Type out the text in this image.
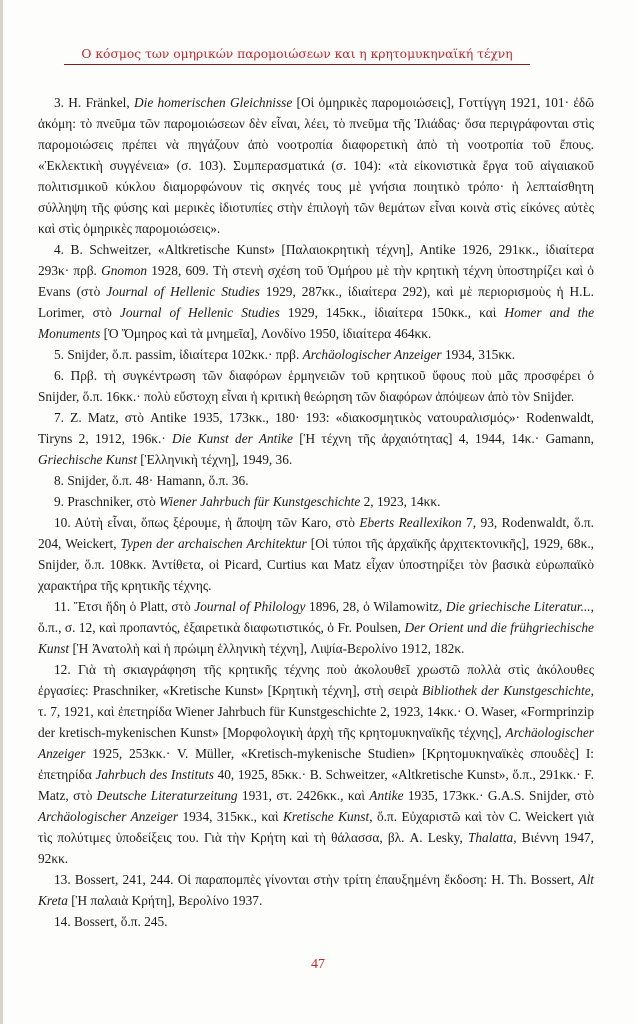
Ο κόσμος των ομηρικών παρομοιώσεων και η κρητομυκηναϊκή τέχνη

3. H. Fränkel, Die homerischen Gleichnisse [Οἱ ὁμηρικὲς παρομοιώσεις], Γοττίγγη 1921, 101· ἐδῶ ἀκόμη: τὸ πνεῦμα τῶν παρομοιώσεων δὲν εἶναι, λέει, τὸ πνεῦμα τῆς Ἰλιάδας· ὅσα περιγράφονται στὶς παρομοιώσεις πρέπει νὰ πηγάζουν ἀπὸ νοοτροπία διαφορετικὴ ἀπὸ τὴ νοοτροπία τοῦ ἔπους. «Ἐκλεκτικὴ συγγένεια» (σ. 103). Συμπερασματικά (σ. 104): «τὰ εἰκονιστικὰ ἔργα τοῦ αἰγαιακοῦ πολιτισμικοῦ κύκλου διαμορφώνουν τὶς σκηνές τους μὲ γνήσια ποιητικὸ τρόπο· ἡ λεπταίσθητη σύλληψη τῆς φύσης καὶ μερικὲς ἰδιοτυπίες στὴν ἐπιλογὴ τῶν θεμάτων εἶναι κοινὰ στὶς εἰκόνες αὐτὲς καὶ στὶς ὁμηρικὲς παρομοιώσεις».

4. B. Schweitzer, «Altkretische Kunst» [Παλαιοκρητικὴ τέχνη], Antike 1926, 291κκ., ἰδιαίτερα 293κ· πρβ. Gnomon 1928, 609. Τὴ στενὴ σχέση τοῦ Ὁμήρου μὲ τὴν κρητικὴ τέχνη ὑποστηρίζει καὶ ὁ Evans (στὸ Journal of Hellenic Studies 1929, 287κκ., ἰδιαίτερα 292), καὶ μὲ περιορισμοὺς ἡ H.L. Lorimer, στὸ Journal of Hellenic Studies 1929, 145κκ., ἰδιαίτερα 150κκ., καὶ Homer and the Monuments [Ὁ Ὅμηρος καὶ τὰ μνημεῖα], Λονδίνο 1950, ἰδιαίτερα 464κκ.

5. Snijder, ὅ.π. passim, ἰδιαίτερα 102κκ.· πρβ. Archäologischer Anzeiger 1934, 315κκ.

6. Πρβ. τὴ συγκέντρωση τῶν διαφόρων ἑρμηνειῶν τοῦ κρητικοῦ ὕφους ποὺ μᾶς προσφέρει ὁ Snijder, ὅ.π. 16κκ.· πολὺ εὔστοχη εἶναι ἡ κριτικὴ θεώρηση τῶν διαφόρων ἀπόψεων ἀπὸ τὸν Snijder.

7. Z. Matz, στὸ Antike 1935, 173κκ., 180· 193: «διακοσμητικὸς νατουραλισμός»· Rodenwaldt, Tiryns 2, 1912, 196κ.· Die Kunst der Antike [Ἡ τέχνη τῆς ἀρχαιότητας] 4, 1944, 14κ.· Gamann, Griechische Kunst [Ἑλληνικὴ τέχνη], 1949, 36.

8. Snijder, ὅ.π. 48· Hamann, ὅ.π. 36.

9. Praschniker, στὸ Wiener Jahrbuch für Kunstgeschichte 2, 1923, 14κκ.

10. Αὐτὴ εἶναι, ὅπως ξέρουμε, ἡ ἄποψη τῶν Karo, στὸ Eberts Reallexikon 7, 93, Rodenwaldt, ὅ.π. 204, Weickert, Typen der archaischen Architektur [Οἱ τύποι τῆς ἀρχαϊκῆς ἀρχιτεκτονικῆς], 1929, 68κ., Snijder, ὅ.π. 108κκ. Ἀντίθετα, οἱ Picard, Curtius και Matz εἶχαν ὑποστηρίξει τὸν βασικὰ εὐρωπαϊκὸ χαρακτήρα τῆς κρητικῆς τέχνης.

11. Ἔτσι ἤδη ὁ Platt, στὸ Journal of Philology 1896, 28, ὁ Wilamowitz, Die griechische Literatur..., ὅ.π., σ. 12, καὶ προπαντός, ἐξαιρετικὰ διαφωτιστικός, ὁ Fr. Poulsen, Der Orient und die frühgriechische Kunst [Ἡ Ἀνατολὴ καὶ ἡ πρώιμη ἑλληνικὴ τέχνη], Λιψία-Βερολίνο 1912, 182κ.

12. Γιὰ τὴ σκιαγράφηση τῆς κρητικῆς τέχνης ποὺ ἀκολουθεῖ χρωστῶ πολλὰ στὶς ἀκόλουθες ἐργασίες: Praschniker, «Kretische Kunst» [Κρητικὴ τέχνη], στὴ σειρὰ Bibliothek der Kunstgeschichte, τ. 7, 1921, καὶ ἐπετηρίδα Wiener Jahrbuch für Kunstgeschichte 2, 1923, 14κκ.· O. Waser, «Formprinzip der kretisch-mykenischen Kunst» [Μορφολογικὴ ἀρχὴ τῆς κρητομυκηναϊκῆς τέχνης], Archäologischer Anzeiger 1925, 253κκ.· V. Müller, «Kretisch-mykenische Studien» [Κρητομυκηναϊκὲς σπουδὲς] I: ἐπετηρίδα Jahrbuch des Instituts 40, 1925, 85κκ.· B. Schweitzer, «Altkretische Kunst», ὅ.π., 291κκ.· F. Matz, στὸ Deutsche Literaturzeitung 1931, στ. 2426κκ., καὶ Antike 1935, 173κκ.· G.A.S. Snijder, στὸ Archäologischer Anzeiger 1934, 315κκ., καὶ Kretische Kunst, ὅ.π. Εὐχαριστῶ καὶ τὸν C. Weickert γιὰ τὶς πολύτιμες ὑποδείξεις του. Γιὰ τὴν Κρήτη καὶ τὴ θάλασσα, βλ. A. Lesky, Thalatta, Βιέννη 1947, 92κκ.

13. Bossert, 241, 244. Οἱ παραπομπὲς γίνονται στὴν τρίτη ἐπαυξημένη ἔκδοση: H. Th. Bossert, Alt Kreta [Ἡ παλαιὰ Κρήτη], Βερολίνο 1937.

14. Bossert, ὅ.π. 245.

47
